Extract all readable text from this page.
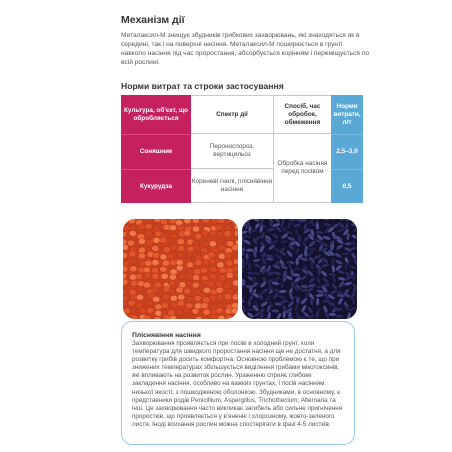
Механізм дії

Металаксил-М знищує збудників грибкових захворювань, які знаходяться як в середині, так і на поверхні насіння. Металаксил-М поширюється в грунті навколо насіння під час проростання, абсорбується корінням і переміщується по всій рослині.

Норми витрат та строки застосування
Культура, об'єкт, що обробляється
Спектр дії
Спосіб, час обробок, обмеження
Норми витрати, л/т
Соняшник
Пероноспороз, вертицильоз	2,5–3,0
Кукурудза
Кореневі гнилі, пліснявіння насіння	0,5
Обробка насіння перед посівом

Пліснявіння насіння

Захворювання проявляється при посіві в холодний грунт, коли температура для швидкого проростання насіння ще не достатня, а для розвитку грибів досить комфортна. Основною проблемою є те, що при знижених температурах збільшується виділення грибами мікотоксинів, які впливають на розвиток рослин. Ураженню сприяє глибоке закладення насіння, особливо на важких грунтах, і посів насінням низької якості, з пошкодженою оболонкою. Збудниками, в основному, є представники родів Penicillium, Aspergillus, Trichothecium, Alternaria та інш. Це захворювання часто викликає загибель або сильне пригнічення проростків, що проявляється у в'яненні і хлорозному, жовто-зеленого листя. Іноді всихання рослин можна спостерігати в фазі 4-5 листків.
